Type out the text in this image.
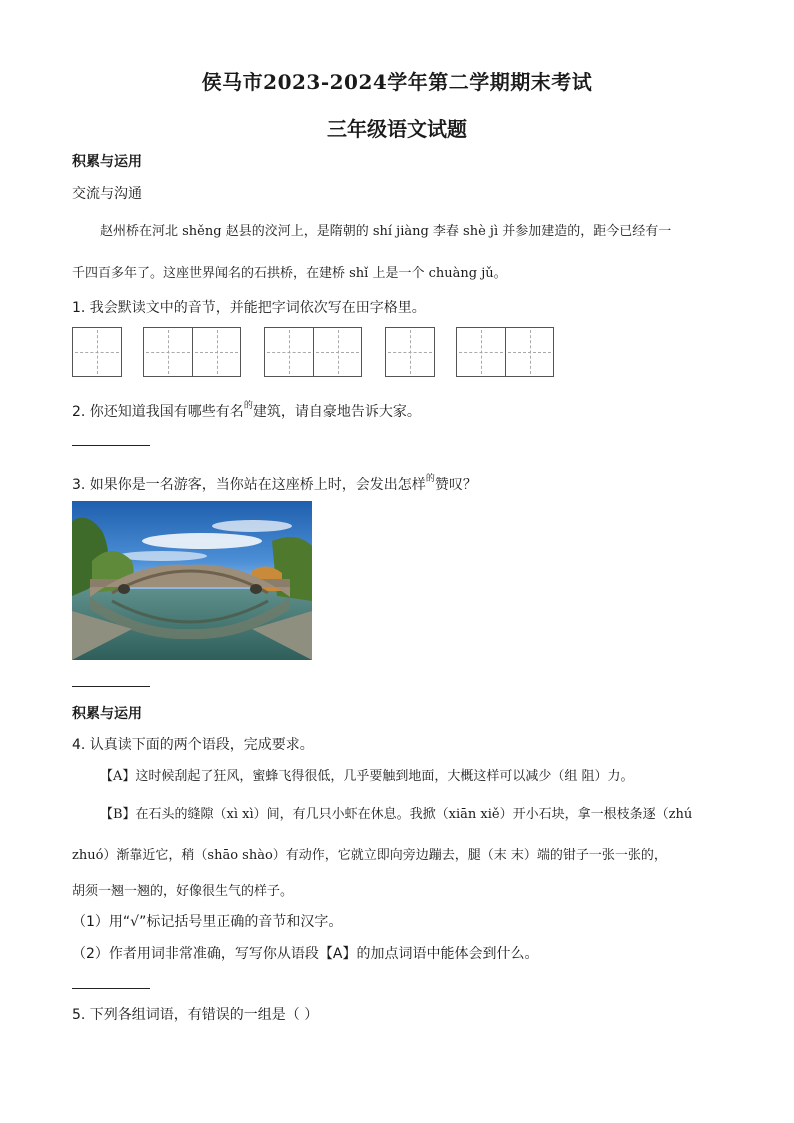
侯马市2023-2024学年第二学期期末考试
三年级语文试题
积累与运用
交流与沟通
赵州桥在河北 shěng 赵县的洨河上，是隋朝的 shí jiàng 李春 shè jì 并参加建造的，距今已经有一
千四百多年了。这座世界闻名的石拱桥，在建桥 shǐ 上是一个 chuàng jǔ。
1. 我会默读文中的音节，并能把字词依次写在田字格里。
2. 你还知道我国有哪些有名$^的$建筑，请自豪地告诉大家。
3. 如果你是一名游客，当你站在这座桥上时，会发出怎样$^的$赞叹？
积累与运用
4. 认真读下面的两个语段，完成要求。
【A】这时候刮起了狂风，蜜蜂飞得很低，几乎要触到地面，大概这样可以减少（组 阻）力。
【B】在石头的缝隙（xì xì）间，有几只小虾在休息。我掀（xiān xiě）开小石块，拿一根枝条逐（zhú
zhuó）渐靠近它，稍（shāo shào）有动作，它就立即向旁边蹦去，腿（末 末）端的钳子一张一张的，
胡须一翘一翘的，好像很生气的样子。
（1）用“√”标记括号里正确的音节和汉字。
（2）作者用词非常准确，写写你从语段【A】的加点词语中能体会到什么。
5. 下列各组词语，有错误的一组是（ ）
